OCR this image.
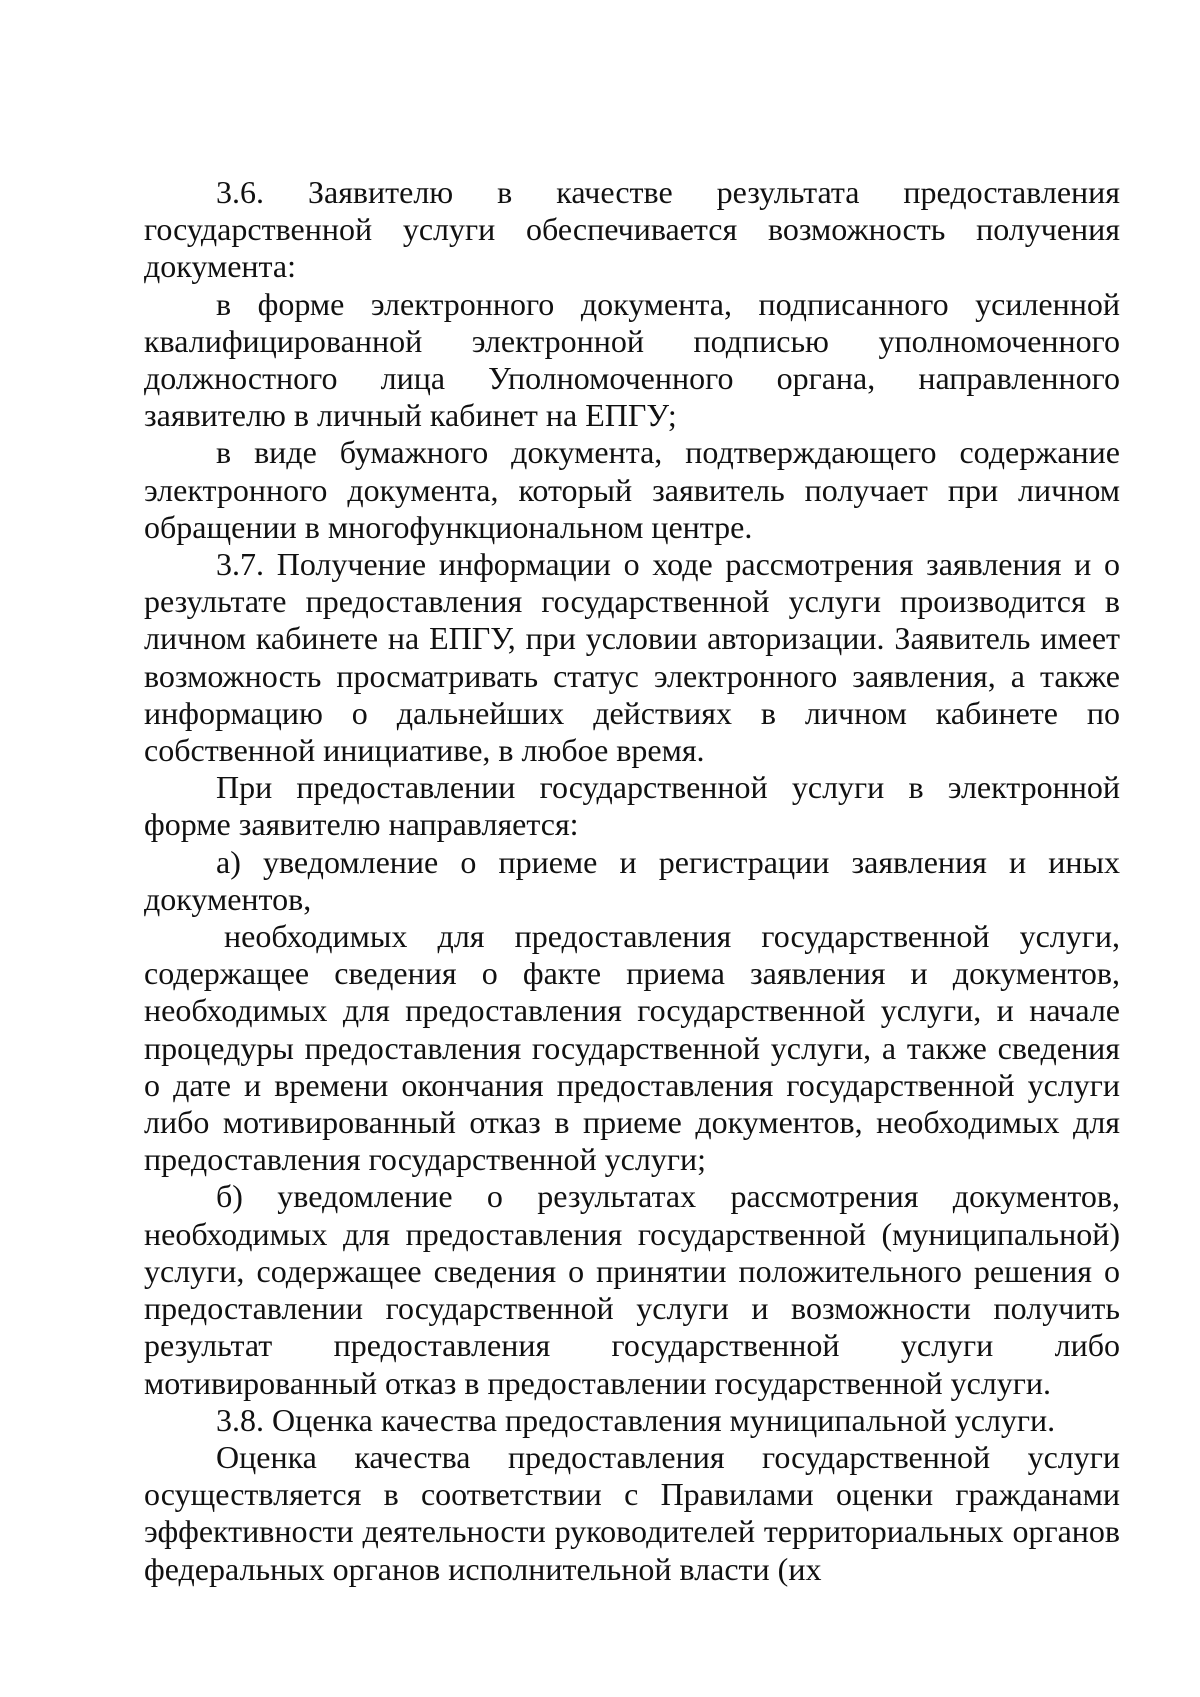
3.6. Заявителю в качестве результата предоставления государственной услуги обеспечивается возможность получения документа:

в форме электронного документа, подписанного усиленной квалифицированной электронной подписью уполномоченного должностного лица Уполномоченного органа, направленного заявителю в личный кабинет на ЕПГУ;

в виде бумажного документа, подтверждающего содержание электронного документа, который заявитель получает при личном обращении в многофункциональном центре.

3.7. Получение информации о ходе рассмотрения заявления и о результате предоставления государственной услуги производится в личном кабинете на ЕПГУ, при условии авторизации. Заявитель имеет возможность просматривать статус электронного заявления, а также информацию о дальнейших действиях в личном кабинете по собственной инициативе, в любое время.

При предоставлении государственной услуги в электронной форме заявителю направляется:

а) уведомление о приеме и регистрации заявления и иных документов,

необходимых для предоставления государственной услуги, содержащее сведения о факте приема заявления и документов, необходимых для предоставления государственной услуги, и начале процедуры предоставления государственной услуги, а также сведения о дате и времени окончания предоставления государственной услуги либо мотивированный отказ в приеме документов, необходимых для предоставления государственной услуги;

б) уведомление о результатах рассмотрения документов, необходимых для предоставления государственной (муниципальной) услуги, содержащее сведения о принятии положительного решения о предоставлении государственной услуги и возможности получить результат предоставления государственной услуги либо мотивированный отказ в предоставлении государственной услуги.

3.8. Оценка качества предоставления муниципальной услуги.

Оценка качества предоставления государственной услуги осуществляется в соответствии с Правилами оценки гражданами эффективности деятельности руководителей территориальных органов федеральных органов исполнительной власти (их
